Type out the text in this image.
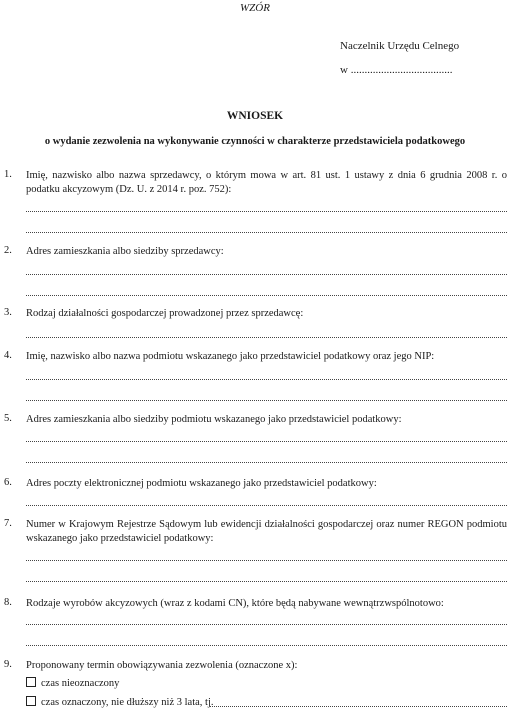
WZÓR
Naczelnik Urzędu Celnego
w .....................................
WNIOSEK
o wydanie zezwolenia na wykonywanie czynności w charakterze przedstawiciela podatkowego
1. Imię, nazwisko albo nazwa sprzedawcy, o którym mowa w art. 81 ust. 1 ustawy z dnia 6 grudnia 2008 r. o podatku akcyzowym (Dz. U. z 2014 r. poz. 752):
2. Adres zamieszkania albo siedziby sprzedawcy:
3. Rodzaj działalności gospodarczej prowadzonej przez sprzedawcę:
4. Imię, nazwisko albo nazwa podmiotu wskazanego jako przedstawiciel podatkowy oraz jego NIP:
5. Adres zamieszkania albo siedziby podmiotu wskazanego jako przedstawiciel podatkowy:
6. Adres poczty elektronicznej podmiotu wskazanego jako przedstawiciel podatkowy:
7. Numer w Krajowym Rejestrze Sądowym lub ewidencji działalności gospodarczej oraz numer REGON podmiotu wskazanego jako przedstawiciel podatkowy:
8. Rodzaje wyrobów akcyzowych (wraz z kodami CN), które będą nabywane wewnątrzwspólnotowo:
9. Proponowany termin obowiązywania zezwolenia (oznaczone x):
czas nieoznaczony
czas oznaczony, nie dłuższy niż 3 lata, tj.
